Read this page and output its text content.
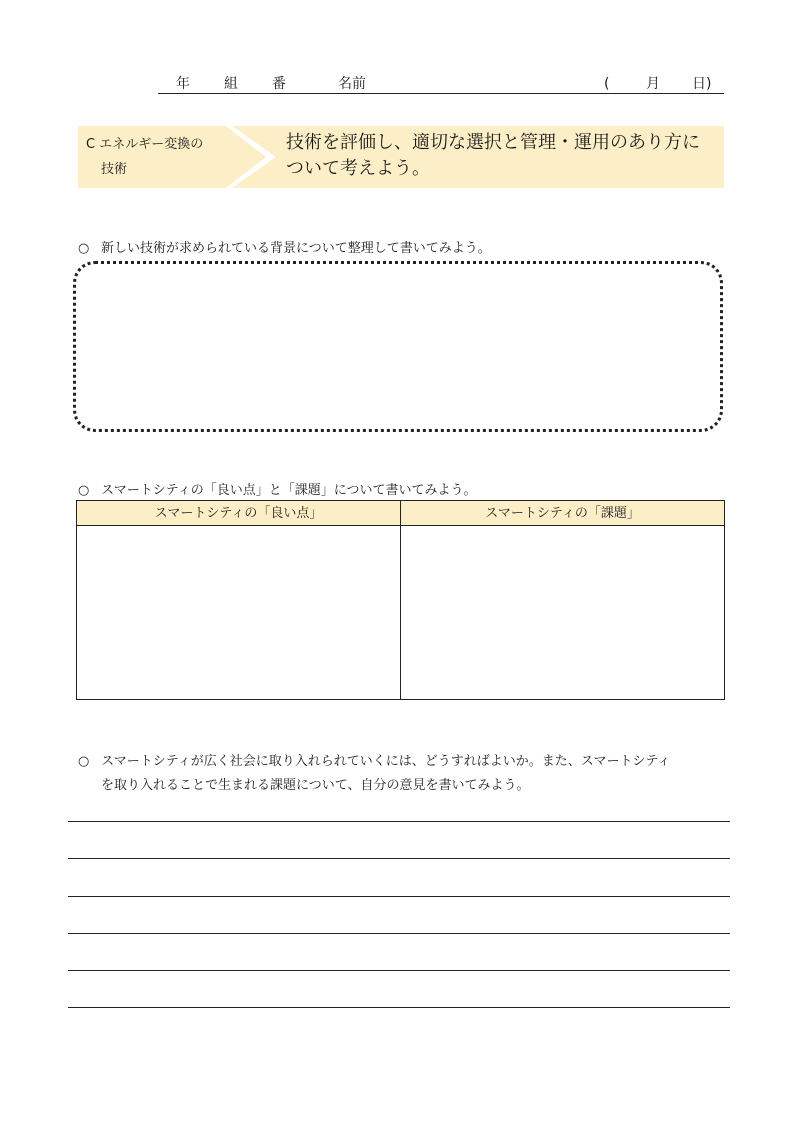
年 組 番	名前	(	月 日)
C エネルギー変換の
技術
技術を評価し、適切な選択と管理・運用のあり方に
ついて考えよう。
○ 新しい技術が求められている背景について整理して書いてみよう。
○ スマートシティの「良い点」と「課題」について書いてみよう。
スマートシティの「良い点」	スマートシティの「課題」
○ スマートシティが広く社会に取り入れられていくには、どうすればよいか。また、スマートシティ
を取り入れることで生まれる課題について、自分の意見を書いてみよう。
